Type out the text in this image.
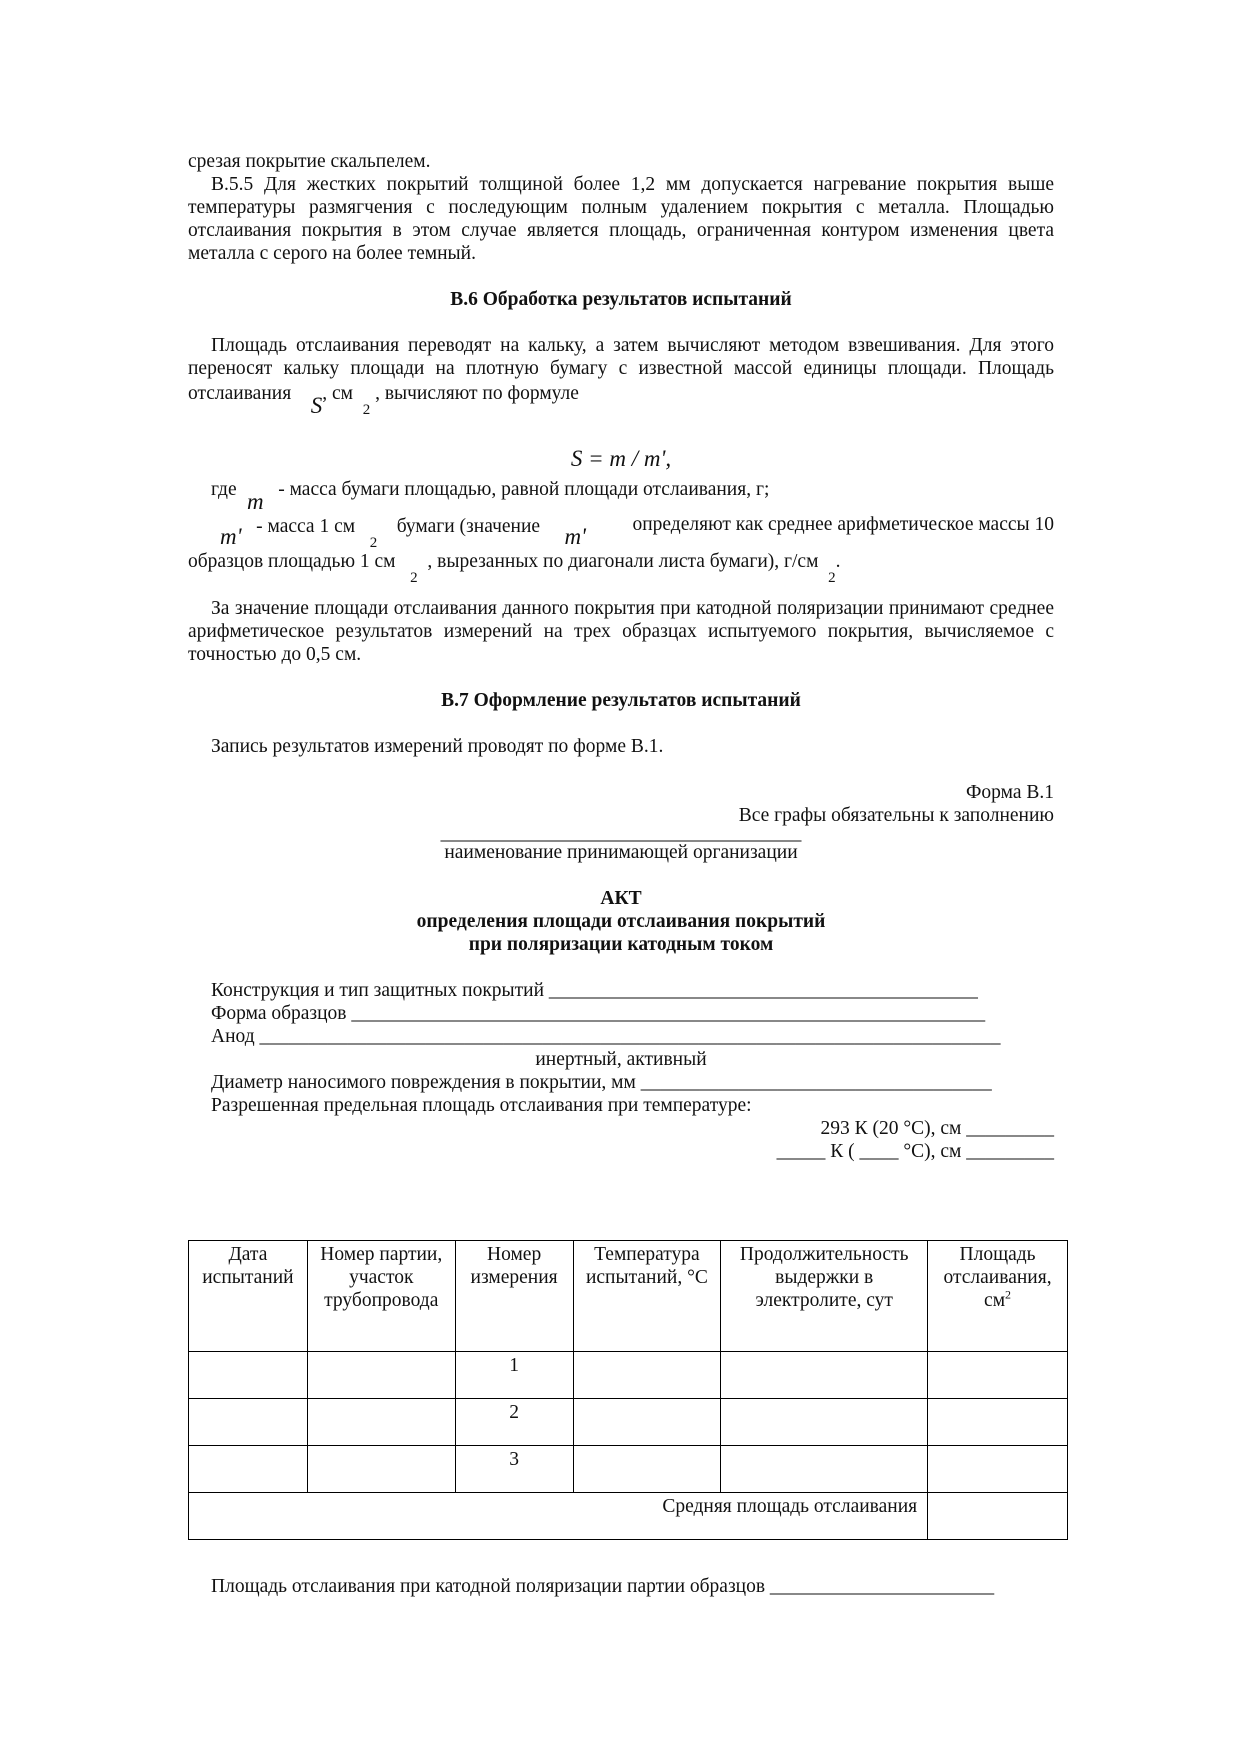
срезая покрытие скальпелем.

В.5.5 Для жестких покрытий толщиной более 1,2 мм допускается нагревание покрытия выше температуры размягчения с последующим полным удалением покрытия с металла. Площадью отслаивания покрытия в этом случае является площадь, ограниченная контуром изменения цвета металла с серого на более темный.

В.6 Обработка результатов испытаний

Площадь отслаивания переводят на кальку, а затем вычисляют методом взвешивания. Для этого переносят кальку площади на плотную бумагу с известной массой единицы площади. Площадь отслаивания S, см  $_2$ , вычисляют по формуле

S = m / m',

где m - масса бумаги площадью, равной площади отслаивания, г;

m' - масса 1 см   $_2$    бумаги (значение m' определяют как среднее арифметическое массы 10

образцов площадью 1 см   $_2$  , вырезанных по диагонали листа бумаги), г/см  $_2$.

За значение площади отслаивания данного покрытия при катодной поляризации принимают среднее арифметическое результатов измерений на трех образцах испытуемого покрытия, вычисляемое с точностью до 0,5 см.

В.7 Оформление результатов испытаний

Запись результатов измерений проводят по форме В.1.

Форма В.1

Все графы обязательны к заполнению

_____________________________________

наименование принимающей организации

АКТ

определения площади отслаивания покрытий

при поляризации катодным током

Конструкция и тип защитных покрытий ____________________________________________

Форма образцов _________________________________________________________________

Анод ____________________________________________________________________________

инертный, активный

Диаметр наносимого повреждения в покрытии, мм ____________________________________

Разрешенная предельная площадь отслаивания при температуре:

293 К (20 °С), см _________

_____ К ( ____ °С), см _________

Дата испытаний	Номер партии, участок трубопровода	Номер измерения	Температура испытаний, °С	Продолжительность выдержки в электролите, сут	Площадь отслаивания, $см^2$
		1			
		2			
		3			
Средняя площадь отслаивания					

Площадь отслаивания при катодной поляризации партии образцов _______________________
